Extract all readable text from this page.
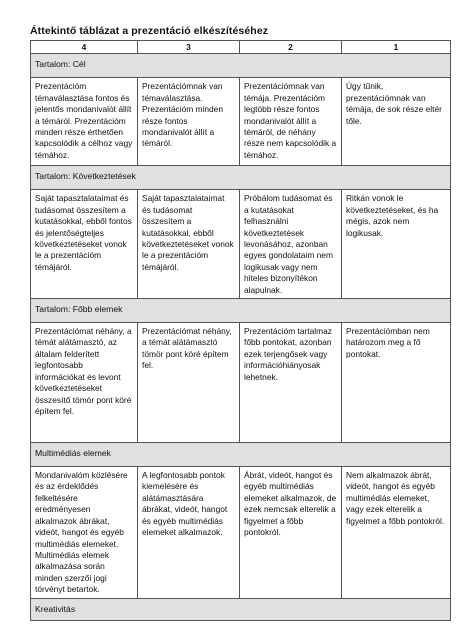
Áttekintő táblázat a prezentáció elkészítéséhez
4	3	2	1
Tartalom: Cél			
Prezentációm témaválasztása fontos és jelentős mondanivalót állít a témáról. Prezentációm minden része érthetően kapcsolódik a célhoz vagy témához.	Prezentációmnak van témaválasztása. Prezentációm minden része fontos mondanivalót állít a témáról.	Prezentációmnak van témája. Prezentációm legtöbb része fontos mondanivalót állít a témáról, de néhány része nem kapcsolódik a témához.	Úgy tűnik, prezentációmnak van témája, de sok része eltér tőle.
Tartalom: Következtetések			
Saját tapasztalataimat és tudásomat összesítem a kutatásokkal, ebből fontos és jelentőségteljes következtetéseket vonok le a prezentációm témájáról.	Saját tapasztalataimat és tudásomat összesítem a kutatásokkal, ebből következtetéseket vonok le a prezentációm témájáról.	Próbálom tudásomat és a kutatásokat felhasználni következtetések levonásához, azonban egyes gondolataim nem logikusak vagy nem hiteles bizonyítékon alapulnak.	Ritkán vonok le következtetéseket, és ha mégis, azok nem logikusak.
Tartalom: Főbb elemek			
Prezentációmat néhány, a témát alátámasztó, az általam felderített legfontosabb információkat és levont következtetéseket összesítő tömör pont köré építem fel.	Prezentációmat néhány, a témát alátámasztó tömör pont köré építem fel.	Prezentációm tartalmaz főbb pontokat, azonban ezek terjengősek vagy információhiányosak lehetnek.	Prezentációmban nem határozom meg a fő pontokat.
Multimédiás elemek			
Mondanivalóm közlésére és az érdeklődés felkeltésére eredményesen alkalmazok ábrákat, videót, hangot és egyéb multimédiás elemeket. Multimédiás elemek alkalmazása során minden szerzői jogi törvényt betartok.	A legfontosabb pontok kiemelésére és alátámasztására ábrákat, videót, hangot és egyéb multimédiás elemeket alkalmazok.	Ábrát, videót, hangot és egyéb multimédiás elemeket alkalmazok, de ezek nemcsak elterelik a figyelmet a főbb pontokról.	Nem alkalmazok ábrát, videót, hangot és egyéb multimédiás elemeket, vagy ezek elterelik a figyelmet a főbb pontokról.
Kreativitás			
